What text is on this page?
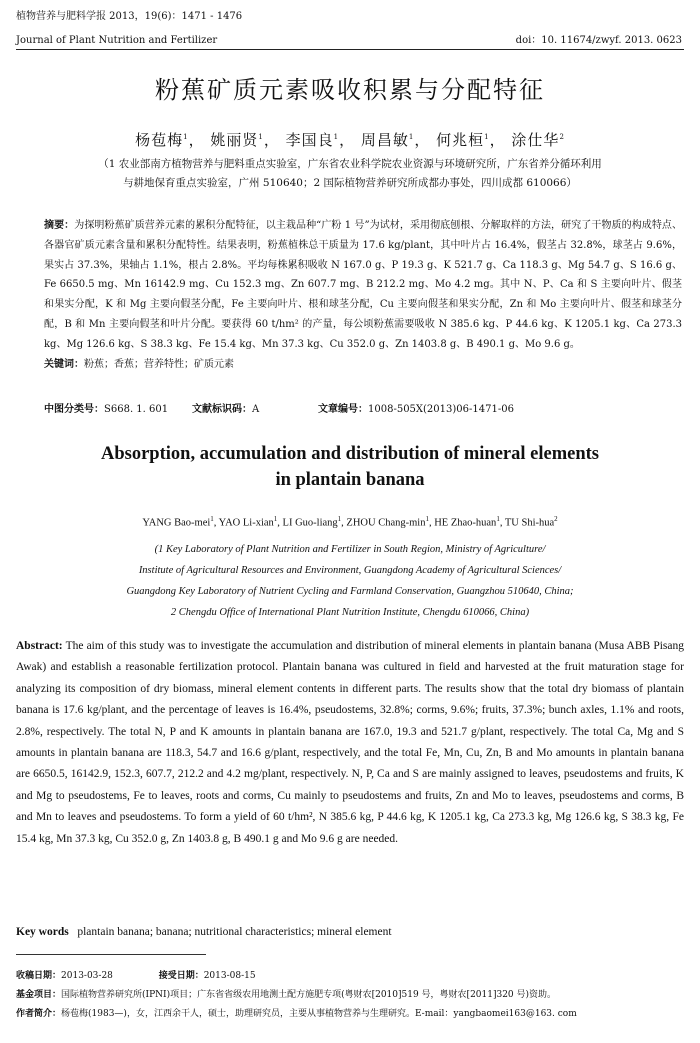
植物营养与肥料学报 2013，19(6)：1471 - 1476
Journal of Plant Nutrition and Fertilizer	doi：10. 11674/zwyf. 2013. 0623
粉蕉矿质元素吸收积累与分配特征
杨苞梅$^1$， 姚丽贤$^1$， 李国良$^1$， 周昌敏$^1$， 何兆桓$^1$， 涂仕华$^2$
（1 农业部南方植物营养与肥料重点实验室，广东省农业科学院农业资源与环境研究所，广东省养分循环利用
与耕地保育重点实验室，广州 510640；2 国际植物营养研究所成都办事处，四川成都 610066）
摘要：为探明粉蕉矿质营养元素的累积分配特征，以主栽品种“广粉 1 号”为试材，采用彻底刨根、分解取样的方法，研究了干物质的构成特点、各器官矿质元素含量和累积分配特性。结果表明，粉蕉植株总干质量为 17.6 kg/plant，其中叶片占 16.4%，假茎占 32.8%，球茎占 9.6%，果实占 37.3%，果轴占 1.1%，根占 2.8%。平均每株累积吸收 N 167.0 g、P 19.3 g、K 521.7 g、Ca 118.3 g、Mg 54.7 g、S 16.6 g、Fe 6650.5 mg、Mn 16142.9 mg、Cu 152.3 mg、Zn 607.7 mg、B 212.2 mg、Mo 4.2 mg。其中 N、P、Ca 和 S 主要向叶片、假茎和果实分配，K 和 Mg 主要向假茎分配，Fe 主要向叶片、根和球茎分配，Cu 主要向假茎和果实分配，Zn 和 Mo 主要向叶片、假茎和球茎分配，B 和 Mn 主要向假茎和叶片分配。要获得 60 t/hm² 的产量，每公顷粉蕉需要吸收 N 385.6 kg、P 44.6 kg、K 1205.1 kg、Ca 273.3 kg、Mg 126.6 kg、S 38.3 kg、Fe 15.4 kg、Mn 37.3 kg、Cu 352.0 g、Zn 1403.8 g、B 490.1 g、Mo 9.6 g。
关键词：粉蕉；香蕉；营养特性；矿质元素
中图分类号：S668. 1. 601 文献标识码：A	文章编号：1008-505X(2013)06-1471-06
Absorption, accumulation and distribution of mineral elements
in plantain banana
YANG Bao-mei$^1$, YAO Li-xian$^1$, LI Guo-liang$^1$, ZHOU Chang-$\min^1$, HE Zhao-huan$^1$, TU Shi-hua$^2$
(1 Key Laboratory of Plant Nutrition and Fertilizer in South Region, Ministry of Agriculture/
Institute of Agricultural Resources and Environment, Guangdong Academy of Agricultural Sciences/
Guangdong Key Laboratory of Nutrient Cycling and Farmland Conservation, Guangzhou 510640, China;
2 Chengdu Office of International Plant Nutrition Institute, Chengdu 610066, China)
Abstract: The aim of this study was to investigate the accumulation and distribution of mineral elements in plantain banana (Musa ABB Pisang Awak) and establish a reasonable fertilization protocol. Plantain banana was cultured in field and harvested at the fruit maturation stage for analyzing its composition of dry biomass, mineral element contents in different parts. The results show that the total dry biomass of plantain banana is 17.6 kg/plant, and the percentage of leaves is 16.4%, pseudostems, 32.8%; corms, 9.6%; fruits, 37.3%; bunch axles, 1.1% and roots, 2.8%, respectively. The total N, P and K amounts in plantain banana are 167.0, 19.3 and 521.7 g/plant, respectively. The total Ca, Mg and S amounts in plantain banana are 118.3, 54.7 and 16.6 g/plant, respectively, and the total Fe, Mn, Cu, Zn, B and Mo amounts in plantain banana are 6650.5, 16142.9, 152.3, 607.7, 212.2 and 4.2 mg/plant, respectively. N, P, Ca and S are mainly assigned to leaves, pseudostems and fruits, K and Mg to pseudostems, Fe to leaves, roots and corms, Cu mainly to pseudostems and fruits, Zn and Mo to leaves, pseudostems and corms, B and Mn to leaves and pseudostems. To form a yield of 60 t/hm², N 385.6 kg, P 44.6 kg, K 1205.1 kg, Ca 273.3 kg, Mg 126.6 kg, S 38.3 kg, Fe 15.4 kg, Mn 37.3 kg, Cu 352.0 g, Zn 1403.8 g, B 490.1 g and Mo 9.6 g are needed.
Key words plantain banana; banana; nutritional characteristics; mineral element
收稿日期：2013-03-28	接受日期：2013-08-15
基金项目：国际植物营养研究所(IPNI)项目；广东省省级农用地测土配方施肥专项(粤财农[2010]519 号，粤财农[2011]320 号)资助。
作者简介：杨苞梅(1983—)，女，江西余干人，硕士，助理研究员，主要从事植物营养与生理研究。E-mail：yangbaomei163@163. com
